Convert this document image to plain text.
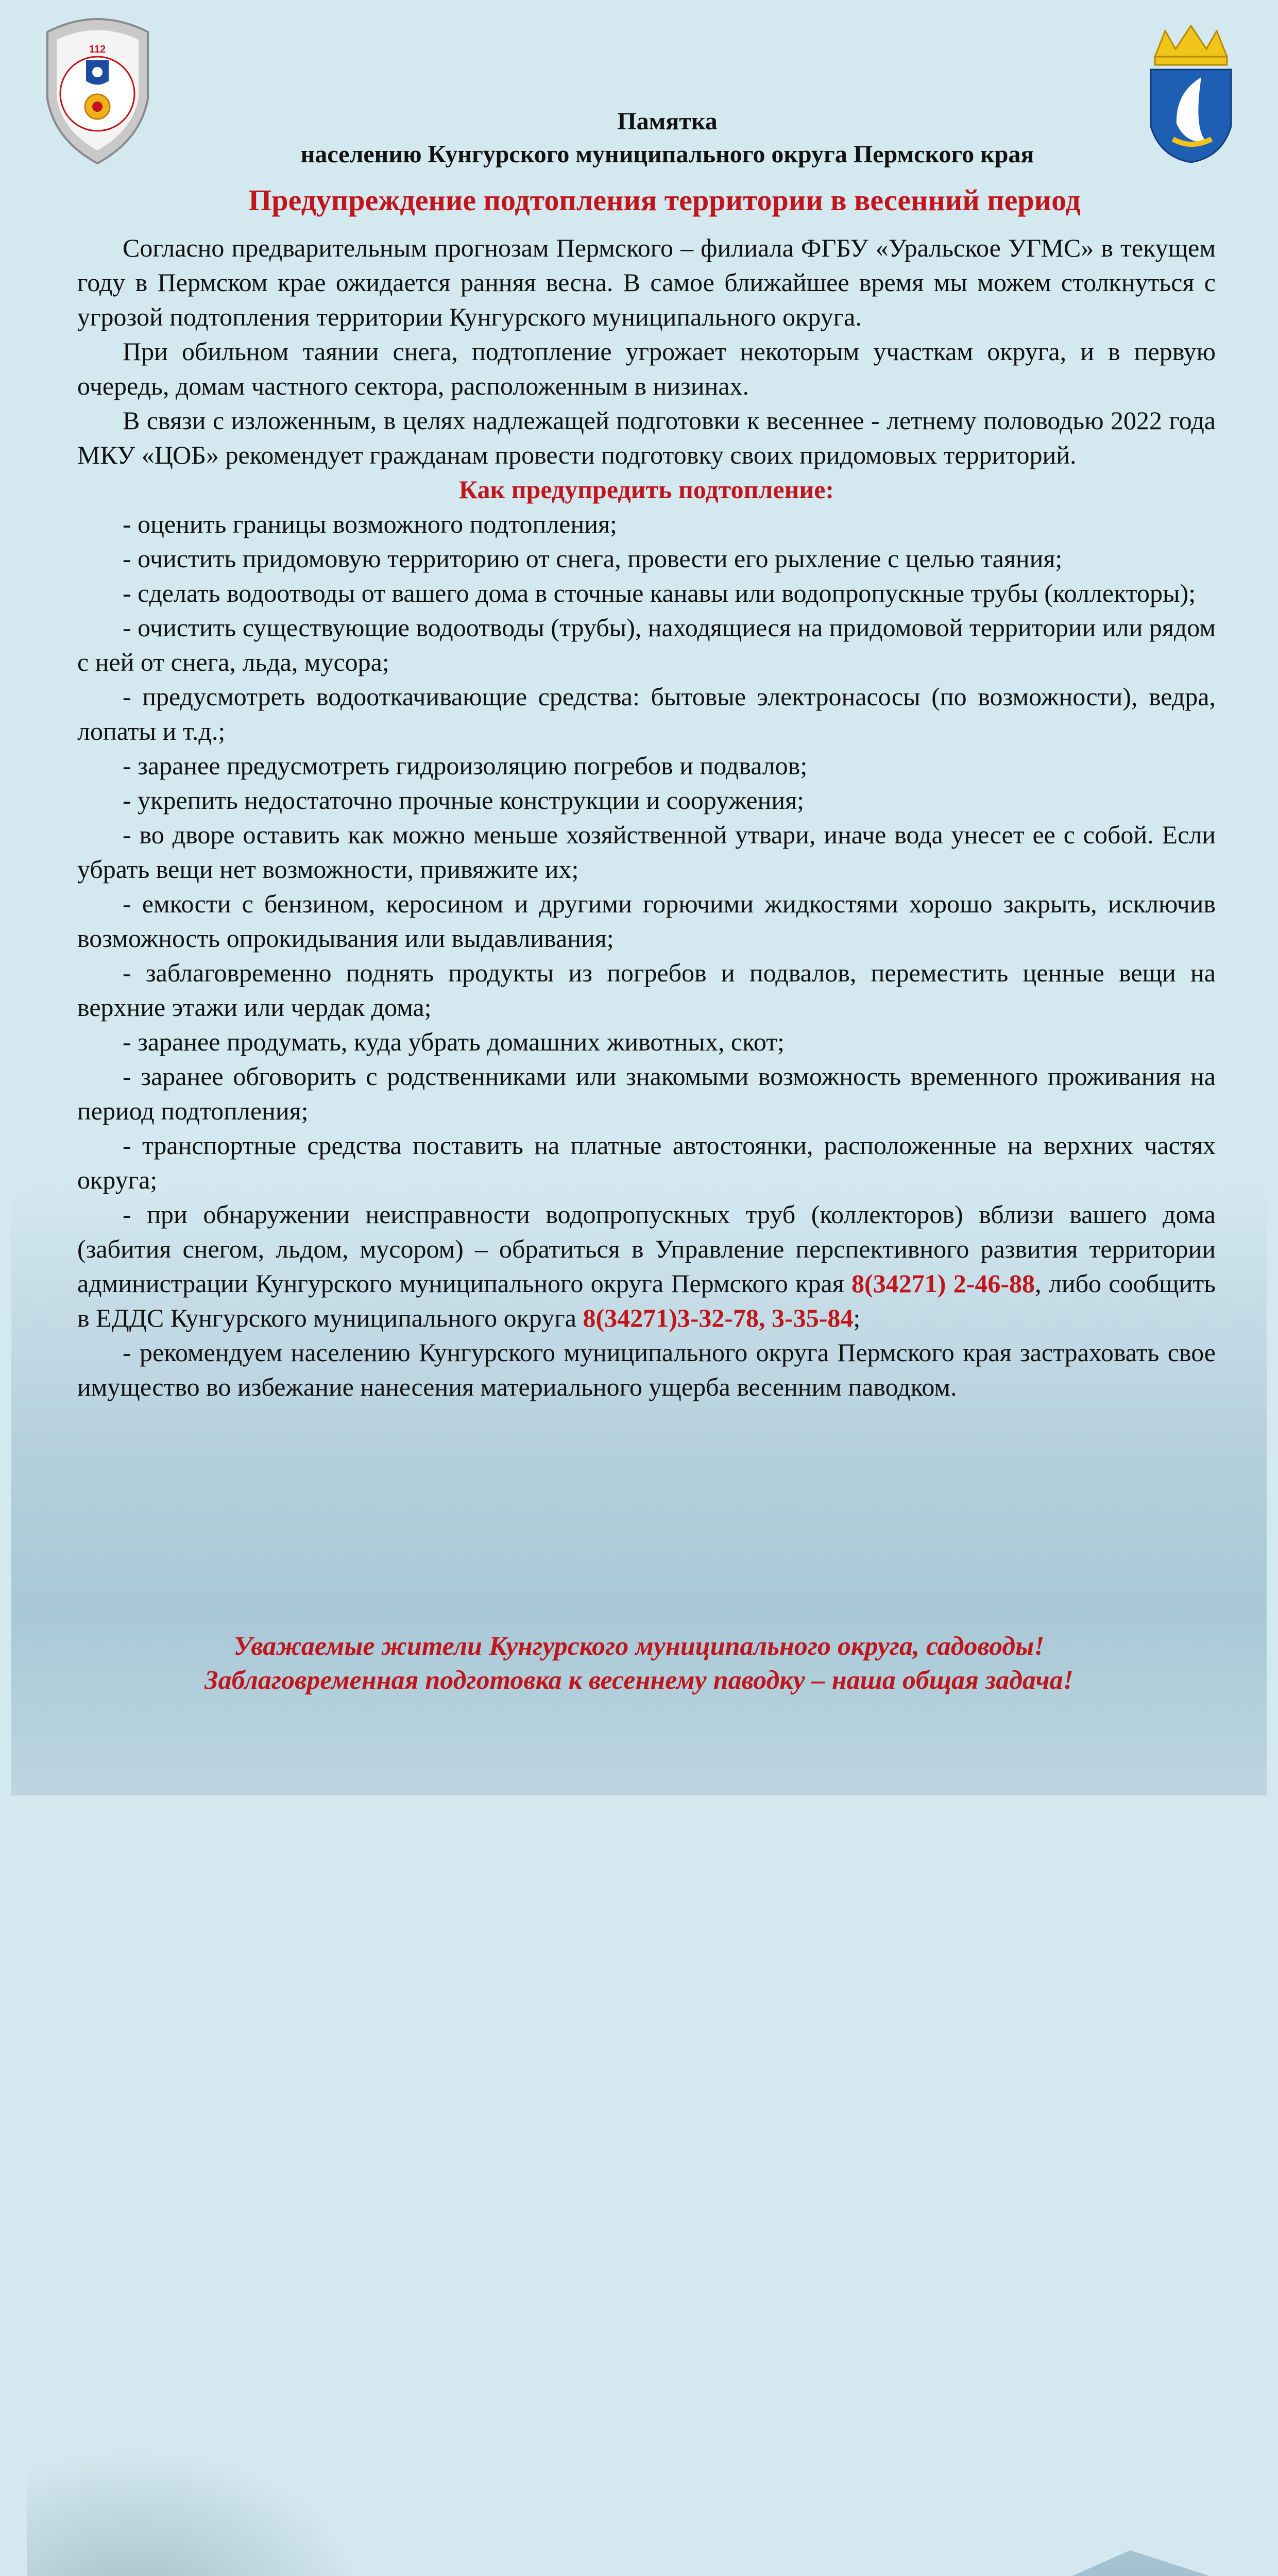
112
Памятка
населению Кунгурского муниципального округа Пермского края
Предупреждение подтопления территории в весенний период

Согласно предварительным прогнозам Пермского – филиала ФГБУ «Уральское УГМС» в текущем году в Пермском крае ожидается ранняя весна. В самое ближайшее время мы можем столкнуться с угрозой подтопления территории Кунгурского муниципального округа.

При обильном таянии снега, подтопление угрожает некоторым участкам округа, и в первую очередь, домам частного сектора, расположенным в низинах.

В связи с изложенным, в целях надлежащей подготовки к весеннее - летнему половодью 2022 года МКУ «ЦОБ» рекомендует гражданам провести подготовку своих придомовых территорий.

Как предупредить подтопление:

- оценить границы возможного подтопления;

- очистить придомовую территорию от снега, провести его рыхление с целью таяния;

- сделать водоотводы от вашего дома в сточные канавы или водопропускные трубы (коллекторы);

- очистить существующие водоотводы (трубы), находящиеся на придомовой территории или рядом с ней от снега, льда, мусора;

- предусмотреть водооткачивающие средства: бытовые электронасосы (по возможности), ведра, лопаты и т.д.;

- заранее предусмотреть гидроизоляцию погребов и подвалов;

- укрепить недостаточно прочные конструкции и сооружения;

- во дворе оставить как можно меньше хозяйственной утвари, иначе вода унесет ее с собой. Если убрать вещи нет возможности, привяжите их;

- емкости с бензином, керосином и другими горючими жидкостями хорошо закрыть, исключив возможность опрокидывания или выдавливания;

- заблаговременно поднять продукты из погребов и подвалов, переместить ценные вещи на верхние этажи или чердак дома;

- заранее продумать, куда убрать домашних животных, скот;

- заранее обговорить с родственниками или знакомыми возможность временного проживания на период подтопления;

- транспортные средства поставить на платные автостоянки, расположенные на верхних частях округа;

- при обнаружении неисправности водопропускных труб (коллекторов) вблизи вашего дома (забития снегом, льдом, мусором) – обратиться в Управление перспективного развития территории администрации Кунгурского муниципального округа Пермского края 8(34271) 2-46-88, либо сообщить в ЕДДС Кунгурского муниципального округа 8(34271)3-32-78, 3-35-84;

- рекомендуем населению Кунгурского муниципального округа Пермского края застраховать свое имущество во избежание нанесения материального ущерба весенним паводком.

Уважаемые жители Кунгурского муниципального округа, садоводы!
Заблаговременная подготовка к весеннему паводку – наша общая задача!
